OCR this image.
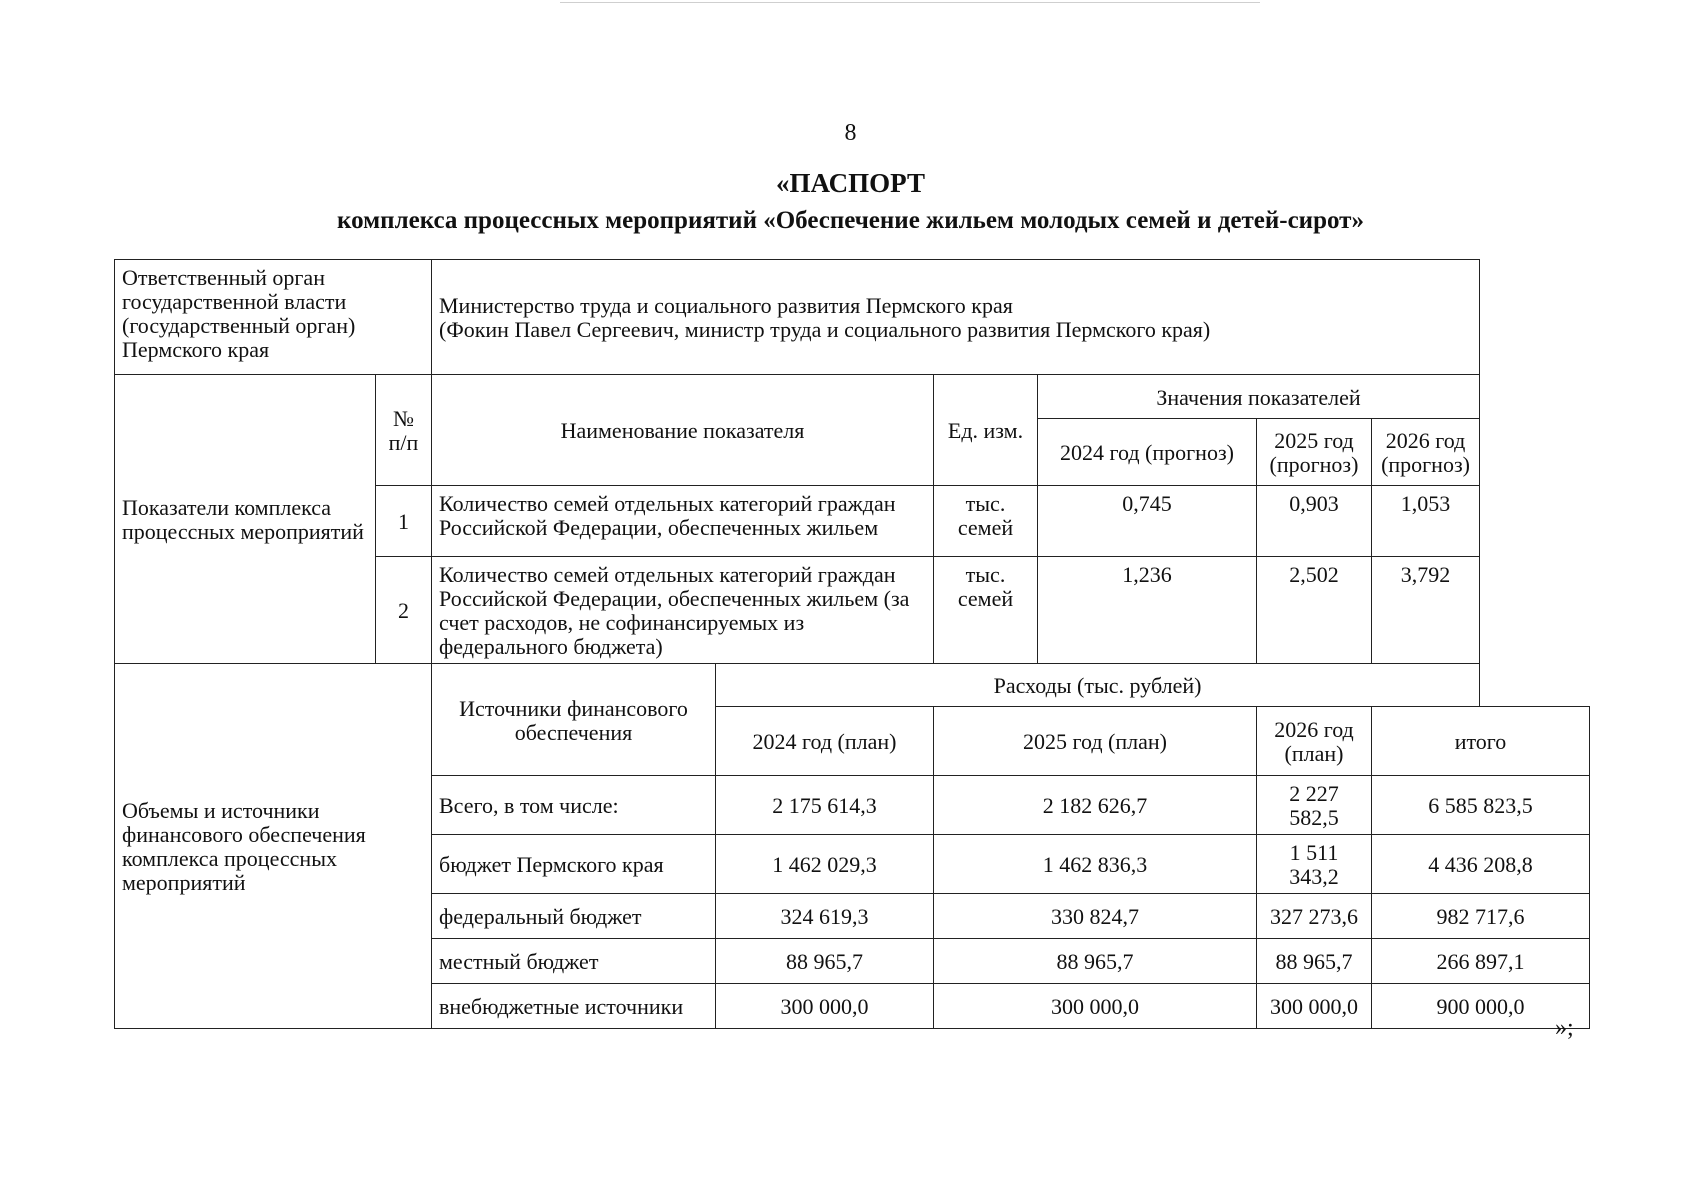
8
«ПАСПОРТ
комплекса процессных мероприятий «Обеспечение жильем молодых семей и детей-сирот»
Ответственный орган государственной власти (государственный орган) Пермского края		Министерство труда и социального развития Пермского края
(Фокин Павел Сергеевич, министр труда и социального развития Пермского края)					

Показатели комплекса процессных мероприятий	№ п/п	Наименование показателя		Ед. изм.	Значения показателей		
					2024 год (прогноз)	2025 год (прогноз)	2026 год (прогноз)
	1	Количество семей отдельных категорий граждан Российской Федерации, обеспеченных жильем		тыс. семей	0,745	0,903	1,053
	2	Количество семей отдельных категорий граждан Российской Федерации, обеспеченных жильем (за счет расходов, не софинансируемых из федерального бюджета)		тыс. семей	1,236	2,502	3,792
Объемы и источники финансового обеспечения комплекса процессных мероприятий		Источники финансового обеспечения	Расходы (тыс. рублей)				
			2024 год (план)	2025 год (план)		2026 год (план)	итого
		Всего, в том числе:	2 175 614,3	2 182 626,7		2 227 582,5	6 585 823,5
		бюджет Пермского края	1 462 029,3	1 462 836,3		1 511 343,2	4 436 208,8
		федеральный бюджет	324 619,3	330 824,7		327 273,6	982 717,6
		местный бюджет	88 965,7	88 965,7		88 965,7	266 897,1
		внебюджетные источники	300 000,0	300 000,0		300 000,0	900 000,0
»;
